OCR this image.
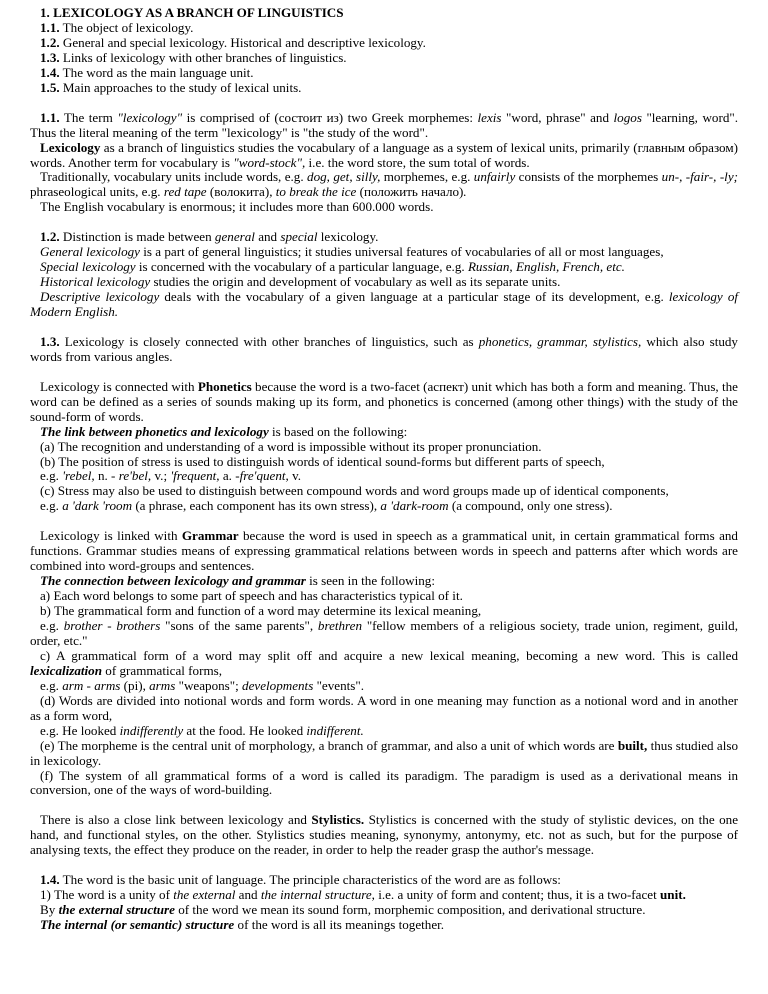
1. LEXICOLOGY AS A BRANCH OF LINGUISTICS

1.1. The object of lexicology.

1.2. General and special lexicology. Historical and descriptive lexicology.

1.3. Links of lexicology with other branches of linguistics.

1.4. The word as the main language unit.

1.5. Main approaches to the study of lexical units.

1.1. The term "lexicology" is comprised of (состоит из) two Greek morphemes: lexis "word, phrase" and logos "learning, word". Thus the literal meaning of the term "lexicology" is "the study of the word".

Lexicology as a branch of linguistics studies the vocabulary of a language as a system of lexical units, primarily (главным образом) words. Another term for vocabulary is "word-stock", i.e. the word store, the sum total of words.

Traditionally, vocabulary units include words, e.g. dog, get, silly, morphemes, e.g. unfairly consists of the morphemes un-, -fair-, -ly; phraseological units, e.g. red tape (волокита), to break the ice (положить начало).

The English vocabulary is enormous; it includes more than 600.000 words.

1.2. Distinction is made between general and special lexicology.

General lexicology is a part of general linguistics; it studies universal features of vocabularies of all or most languages,

Special lexicology is concerned with the vocabulary of a particular language, e.g. Russian, English, French, etc.

Historical lexicology studies the origin and development of vocabulary as well as its separate units.

Descriptive lexicology deals with the vocabulary of a given language at a particular stage of its development, e.g. lexicology of Modern English.

1.3. Lexicology is closely connected with other branches of linguistics, such as phonetics, grammar, stylistics, which also study words from various angles.

Lexicology is connected with Phonetics because the word is a two-facet (аспект) unit which has both a form and meaning. Thus, the word can be defined as a series of sounds making up its form, and phonetics is concerned (among other things) with the study of the sound-form of words.

The link between phonetics and lexicology is based on the following:

(a) The recognition and understanding of a word is impossible without its proper pronunciation.

(b) The position of stress is used to distinguish words of identical sound-forms but different parts of speech,

e.g. 'rebel, n. - re'bel, v.; 'frequent, a. -fre'quent, v.

(c) Stress may also be used to distinguish between compound words and word groups made up of identical components,

e.g. a 'dark 'room (a phrase, each component has its own stress), a 'dark-room (a compound, only one stress).

Lexicology is linked with Grammar because the word is used in speech as a grammatical unit, in certain grammatical forms and functions. Grammar studies means of expressing grammatical relations between words in speech and patterns after which words are combined into word-groups and sentences.

The connection between lexicology and grammar is seen in the following:

a) Each word belongs to some part of speech and has characteristics typical of it.

b) The grammatical form and function of a word may determine its lexical meaning,

e.g. brother - brothers "sons of the same parents", brethren "fellow members of a religious society, trade union, regiment, guild, order, etc."

c) A grammatical form of a word may split off and acquire a new lexical meaning, becoming a new word. This is called lexicalization of grammatical forms,

e.g. arm - arms (pi), arms "weapons"; developments "events".

(d) Words are divided into notional words and form words. A word in one meaning may function as a notional word and in another as a form word,

e.g. He looked indifferently at the food. He looked indifferent.

(e) The morpheme is the central unit of morphology, a branch of grammar, and also a unit of which words are built, thus studied also in lexicology.

(f) The system of all grammatical forms of a word is called its paradigm. The paradigm is used as a derivational means in conversion, one of the ways of word-building.

There is also a close link between lexicology and Stylistics. Stylistics is concerned with the study of stylistic devices, on the one hand, and functional styles, on the other. Stylistics studies meaning, synonymy, antonymy, etc. not as such, but for the purpose of analysing texts, the effect they produce on the reader, in order to help the reader grasp the author's message.

1.4. The word is the basic unit of language. The principle characteristics of the word are as follows:

1) The word is a unity of the external and the internal structure, i.e. a unity of form and content; thus, it is a two-facet unit.

By the external structure of the word we mean its sound form, morphemic composition, and derivational structure.

The internal (or semantic) structure of the word is all its meanings together.
